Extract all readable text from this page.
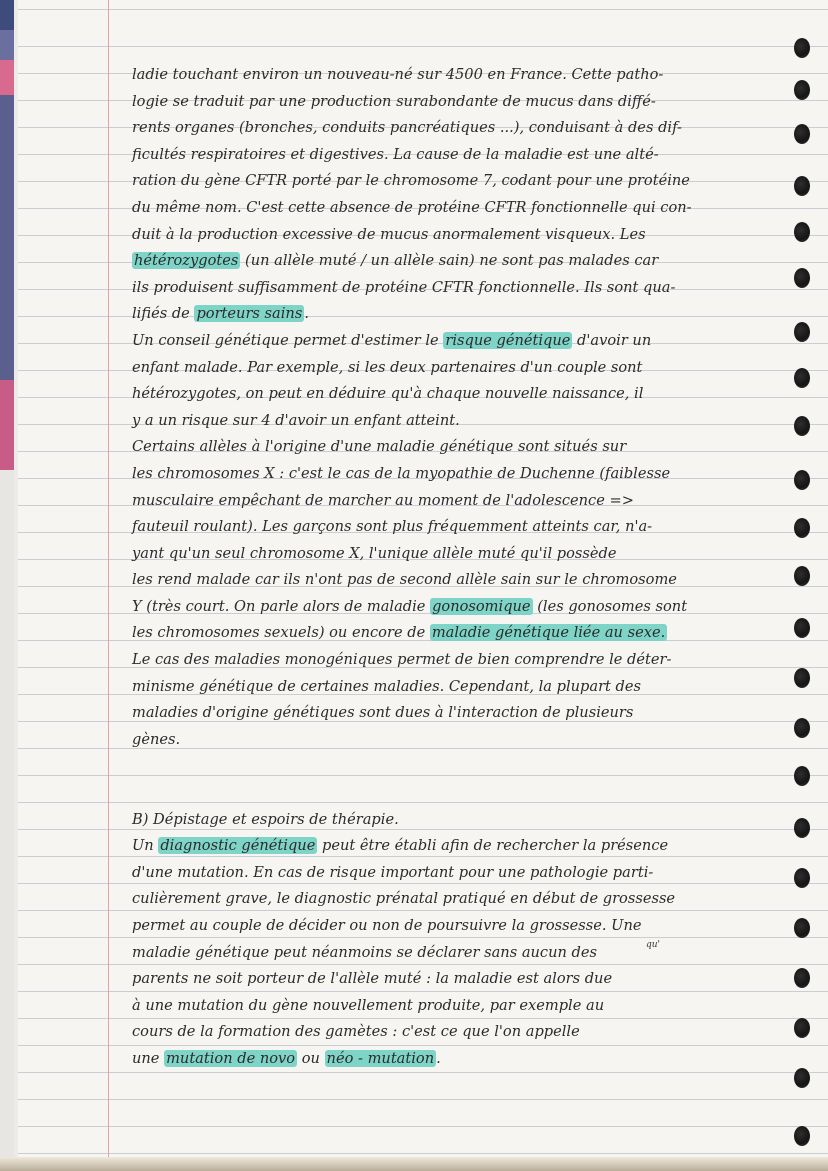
ladie touchant environ un nouveau-né sur 4500 en France. Cette patho-
logie se traduit par une production surabondante de mucus dans diffé-
rents organes (bronches, conduits pancréatiques ...), conduisant à des dif-
ficultés respiratoires et digestives. La cause de la maladie est une alté-
ration du gène CFTR porté par le chromosome 7, codant pour une protéine
du même nom. C'est cette absence de protéine CFTR fonctionnelle qui con-
duit à la production excessive de mucus anormalement visqueux. Les
hétérozygotes (un allèle muté / un allèle sain) ne sont pas malades car
ils produisent suffisamment de protéine CFTR fonctionnelle. Ils sont qua-
lifiés de porteurs sains .
Un conseil génétique permet d'estimer le risque génétique d'avoir un
enfant malade. Par exemple, si les deux partenaires d'un couple sont
hétérozygotes, on peut en déduire qu'à chaque nouvelle naissance, il
y a un risque sur 4 d'avoir un enfant atteint.
Certains allèles à l'origine d'une maladie génétique sont situés sur
les chromosomes X : c'est le cas de la myopathie de Duchenne (faiblesse
musculaire empêchant de marcher au moment de l'adolescence =>
fauteuil roulant). Les garçons sont plus fréquemment atteints car, n'a-
yant qu'un seul chromosome X, l'unique allèle muté qu'il possède
les rend malade car ils n'ont pas de second allèle sain sur le chromosome
Y (très court. On parle alors de maladie gonosomique (les gonosomes sont
les chromosomes sexuels) ou encore de maladie génétique liée au sexe.
Le cas des maladies monogéniques permet de bien comprendre le déter-
minisme génétique de certaines maladies. Cependant, la plupart des
maladies d'origine génétiques sont dues à l'interaction de plusieurs
gènes.
B) Dépistage et espoirs de thérapie.
Un diagnostic génétique peut être établi afin de rechercher la présence
d'une mutation. En cas de risque important pour une pathologie parti-
culièrement grave, le diagnostic prénatal pratiqué en début de grossesse
permet au couple de décider ou non de poursuivre la grossesse. Une
maladie génétique peut néanmoins se déclarer sans aucun des
parents ne soit porteur de l'allèle muté : la maladie est alors due
à une mutation du gène nouvellement produite, par exemple au
cours de la formation des gamètes : c'est ce que l'on appelle
une mutation de novo ou néo - mutation .
qu'
